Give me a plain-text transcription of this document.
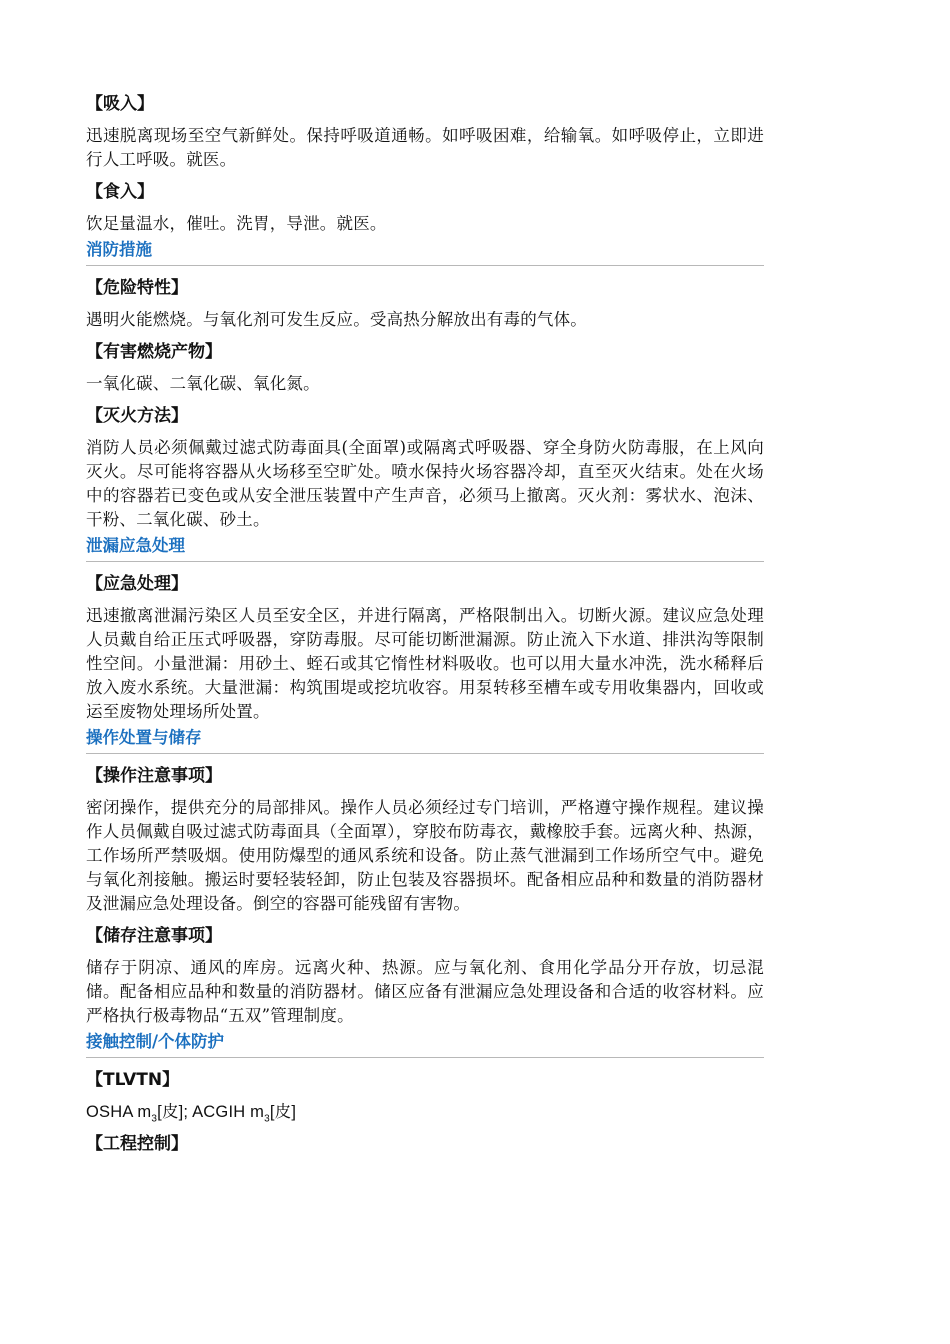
【吸入】

迅速脱离现场至空气新鲜处。保持呼吸道通畅。如呼吸困难，给输氧。如呼吸停止，立即进行人工呼吸。就医。

【食入】

饮足量温水，催吐。洗胃，导泄。就医。

消防措施
【危险特性】

遇明火能燃烧。与氧化剂可发生反应。受高热分解放出有毒的气体。

【有害燃烧产物】

一氧化碳、二氧化碳、氧化氮。

【灭火方法】

消防人员必须佩戴过滤式防毒面具(全面罩)或隔离式呼吸器、穿全身防火防毒服，在上风向灭火。尽可能将容器从火场移至空旷处。喷水保持火场容器冷却，直至灭火结束。处在火场中的容器若已变色或从安全泄压装置中产生声音，必须马上撤离。灭火剂：雾状水、泡沫、干粉、二氧化碳、砂土。

泄漏应急处理
【应急处理】

迅速撤离泄漏污染区人员至安全区，并进行隔离，严格限制出入。切断火源。建议应急处理人员戴自给正压式呼吸器，穿防毒服。尽可能切断泄漏源。防止流入下水道、排洪沟等限制性空间。小量泄漏：用砂土、蛭石或其它惰性材料吸收。也可以用大量水冲洗，洗水稀释后放入废水系统。大量泄漏：构筑围堤或挖坑收容。用泵转移至槽车或专用收集器内，回收或运至废物处理场所处置。

操作处置与储存
【操作注意事项】

密闭操作，提供充分的局部排风。操作人员必须经过专门培训，严格遵守操作规程。建议操作人员佩戴自吸过滤式防毒面具（全面罩），穿胶布防毒衣，戴橡胶手套。远离火种、热源，工作场所严禁吸烟。使用防爆型的通风系统和设备。防止蒸气泄漏到工作场所空气中。避免与氧化剂接触。搬运时要轻装轻卸，防止包装及容器损坏。配备相应品种和数量的消防器材及泄漏应急处理设备。倒空的容器可能残留有害物。

【储存注意事项】

储存于阴凉、通风的库房。远离火种、热源。应与氧化剂、食用化学品分开存放，切忌混储。配备相应品种和数量的消防器材。储区应备有泄漏应急处理设备和合适的收容材料。应严格执行极毒物品“五双”管理制度。

接触控制/个体防护
【TLVTN】

OSHA $m_3$[皮]; ACGIH $m_3$[皮]

【工程控制】
